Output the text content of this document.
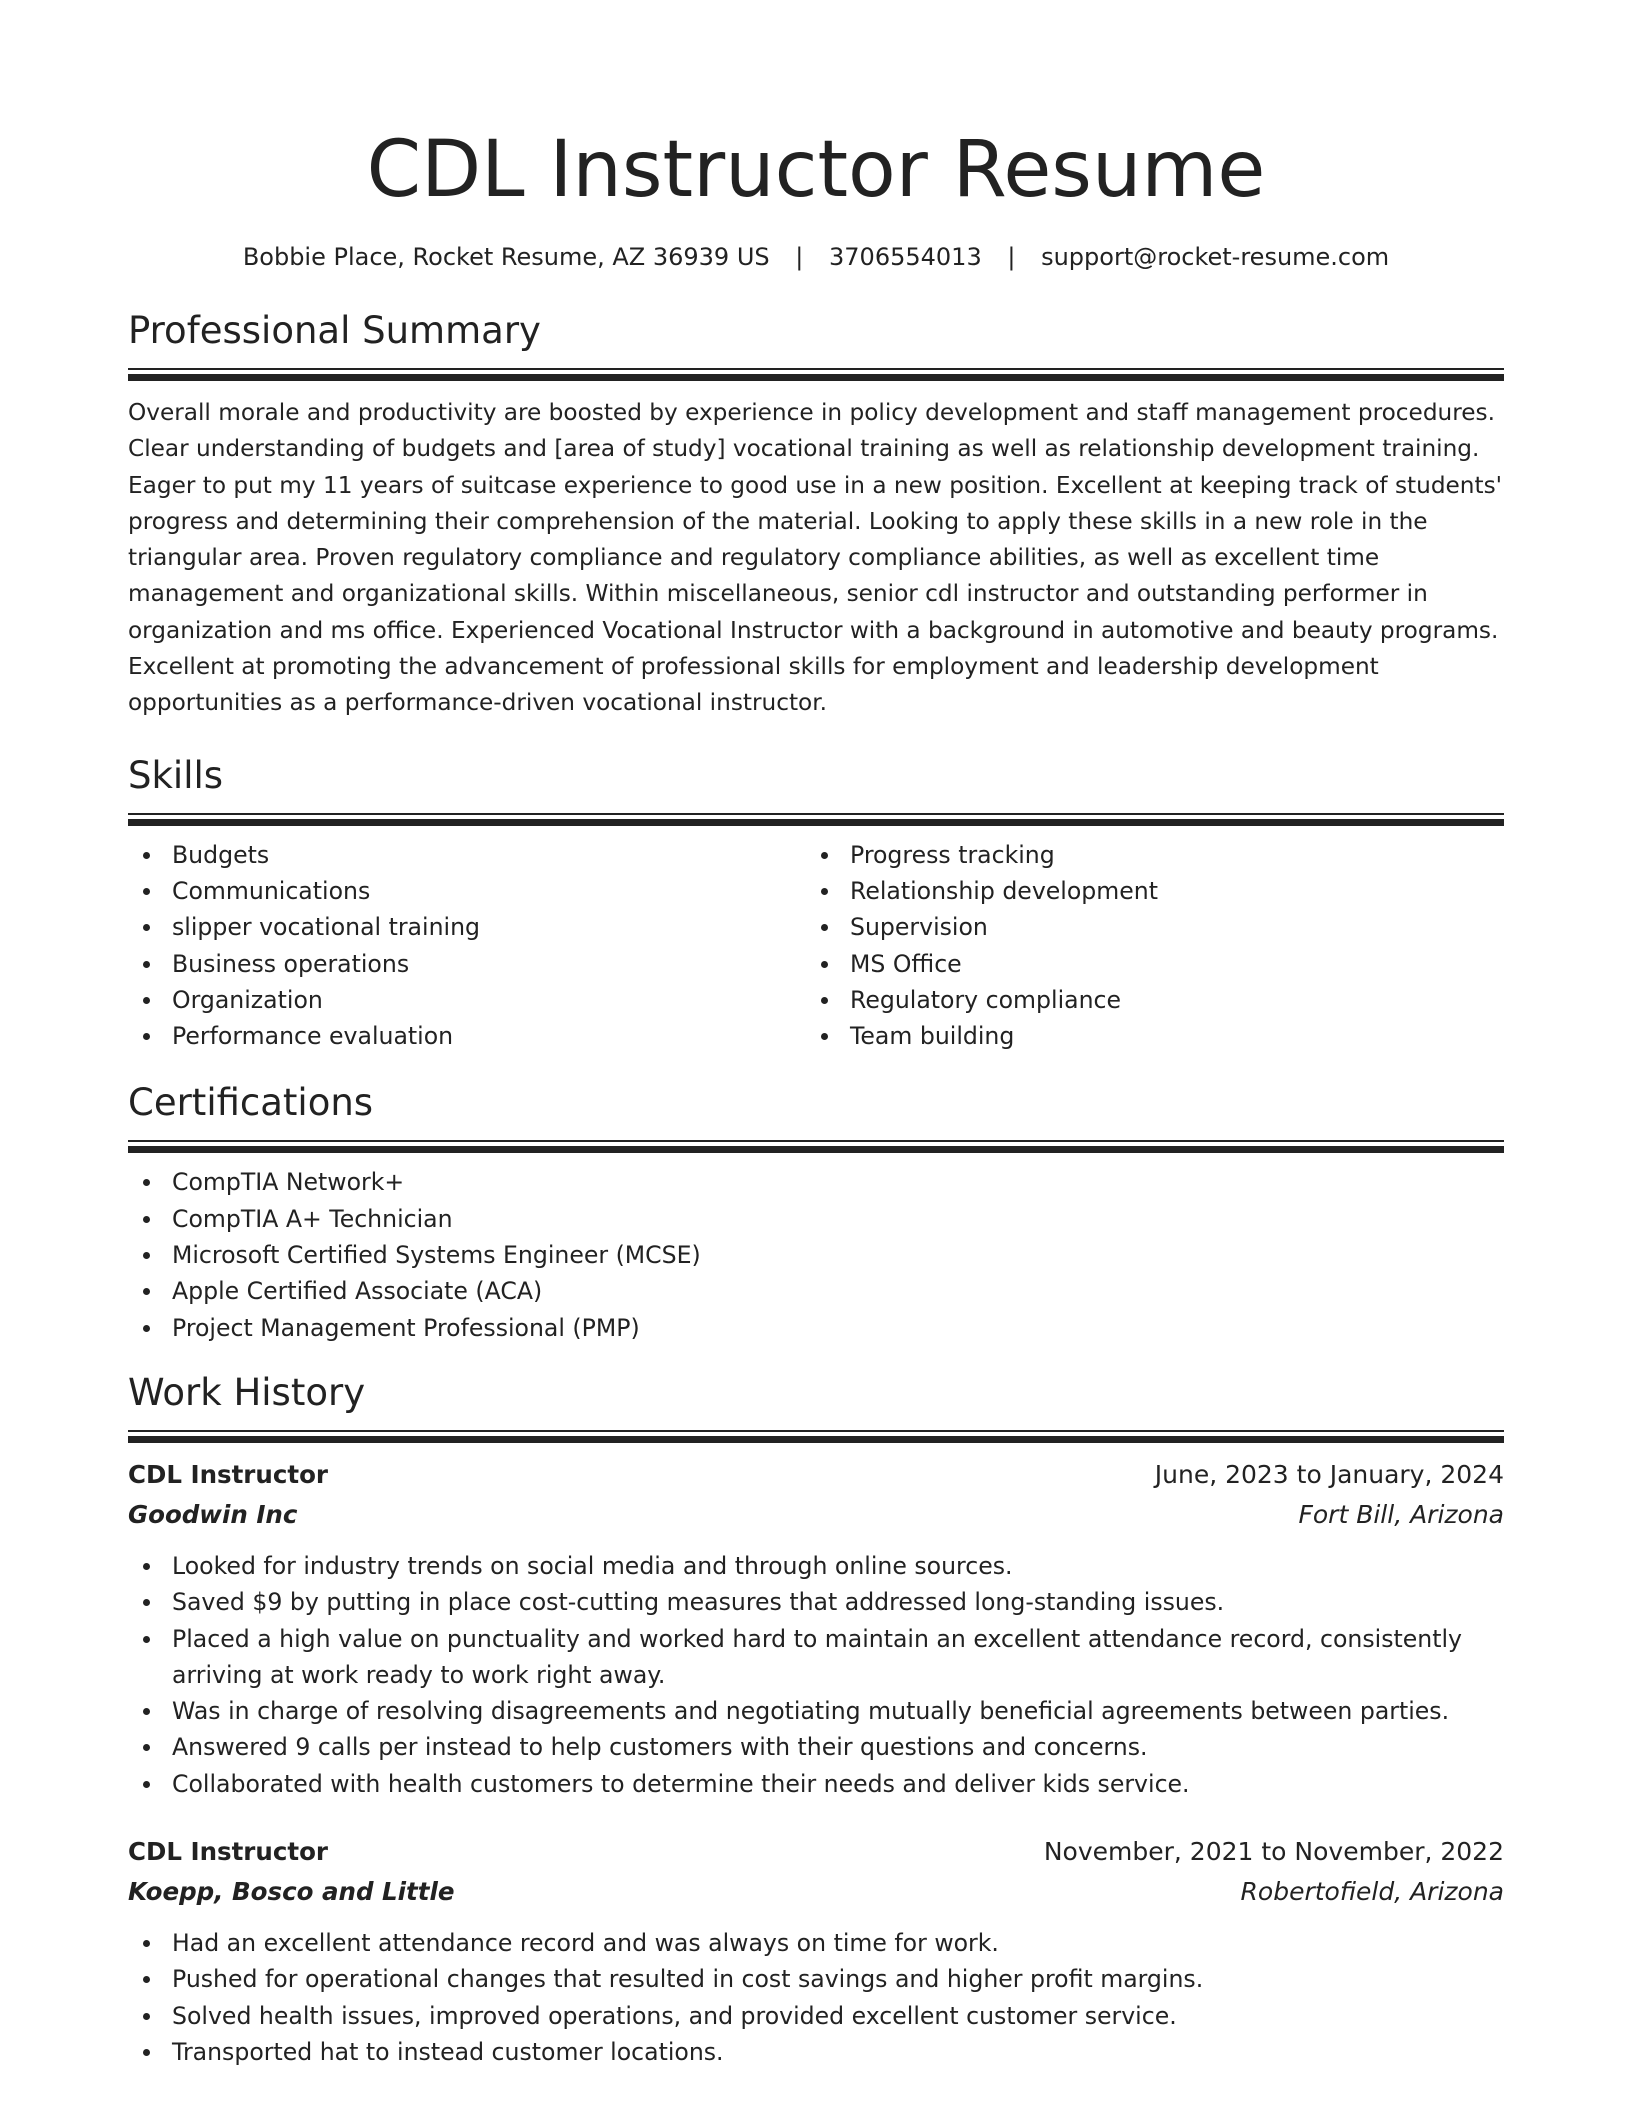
CDL Instructor Resume
Bobbie Place, Rocket Resume, AZ 36939 US | 3706554013 | support@rocket-resume.com
Professional Summary

Overall morale and productivity are boosted by experience in policy development and staff management procedures. Clear understanding of budgets and [area of study] vocational training as well as relationship development training. Eager to put my 11 years of suitcase experience to good use in a new position. Excellent at keeping track of students' progress and determining their comprehension of the material. Looking to apply these skills in a new role in the triangular area. Proven regulatory compliance and regulatory compliance abilities, as well as excellent time management and organizational skills. Within miscellaneous, senior cdl instructor and outstanding performer in organization and ms office. Experienced Vocational Instructor with a background in automotive and beauty programs. Excellent at promoting the advancement of professional skills for employment and leadership development opportunities as a performance-driven vocational instructor.

Skills
Budgets
Communications
slipper vocational training
Business operations
Organization
Performance evaluation
Progress tracking
Relationship development
Supervision
MS Office
Regulatory compliance
Team building
Certifications
CompTIA Network+
CompTIA A+ Technician
Microsoft Certified Systems Engineer (MCSE)
Apple Certified Associate (ACA)
Project Management Professional (PMP)
Work History
CDL Instructor	June, 2023 to January, 2024
Goodwin Inc	Fort Bill, Arizona
Looked for industry trends on social media and through online sources.
Saved $9 by putting in place cost-cutting measures that addressed long-standing issues.
Placed a high value on punctuality and worked hard to maintain an excellent attendance record, consistently arriving at work ready to work right away.
Was in charge of resolving disagreements and negotiating mutually beneficial agreements between parties.
Answered 9 calls per instead to help customers with their questions and concerns.
Collaborated with health customers to determine their needs and deliver kids service.
CDL Instructor	November, 2021 to November, 2022
Koepp, Bosco and Little	Robertofield, Arizona
Had an excellent attendance record and was always on time for work.
Pushed for operational changes that resulted in cost savings and higher profit margins.
Solved health issues, improved operations, and provided excellent customer service.
Transported hat to instead customer locations.
